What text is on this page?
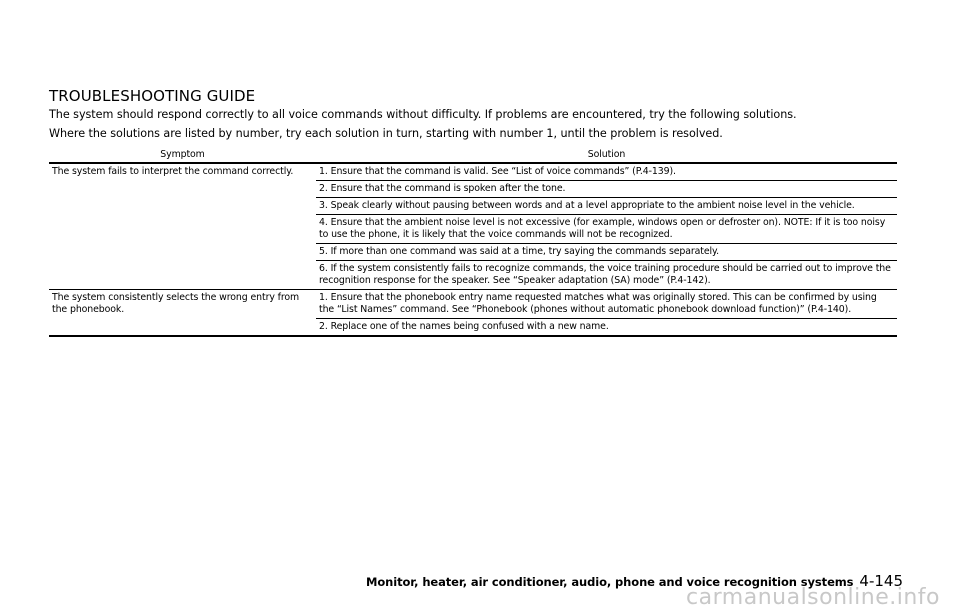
TROUBLESHOOTING GUIDE
The system should respond correctly to all voice commands without difficulty. If problems are encountered, try the following solutions.
Where the solutions are listed by number, try each solution in turn, starting with number 1, until the problem is resolved.
Symptom	Solution
The system fails to interpret the command correctly.	1. Ensure that the command is valid. See “List of voice commands” (P.4-139).
	2. Ensure that the command is spoken after the tone.
	3. Speak clearly without pausing between words and at a level appropriate to the ambient noise level in the vehicle.
	4. Ensure that the ambient noise level is not excessive (for example, windows open or defroster on). NOTE: If it is too noisy to use the phone, it is likely that the voice commands will not be recognized.
	5. If more than one command was said at a time, try saying the commands separately.
	6. If the system consistently fails to recognize commands, the voice training procedure should be carried out to improve the recognition response for the speaker. See “Speaker adaptation (SA) mode” (P.4-142).
The system consistently selects the wrong entry from the phonebook.	1. Ensure that the phonebook entry name requested matches what was originally stored. This can be confirmed by using the “List Names” command. See “Phonebook (phones without automatic phonebook download function)” (P.4-140).
	2. Replace one of the names being confused with a new name.
Monitor, heater, air conditioner, audio, phone and voice recognition systems 4-145
carmanualsonline.info
